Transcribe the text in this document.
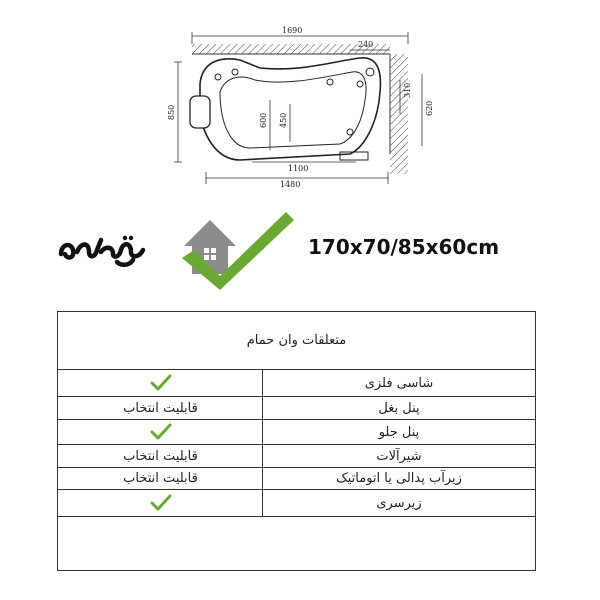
1690
240
850
310
620
600 450
1100
1480
170x70/85x60cm
متعلقات وان حمام
شاسی فلزی
پنل بغل
قابلیت انتخاب
پنل جلو
شیرآلات
قابلیت انتخاب
زیرآب پدالی یا اتوماتیک
قابلیت انتخاب
زیرسری
